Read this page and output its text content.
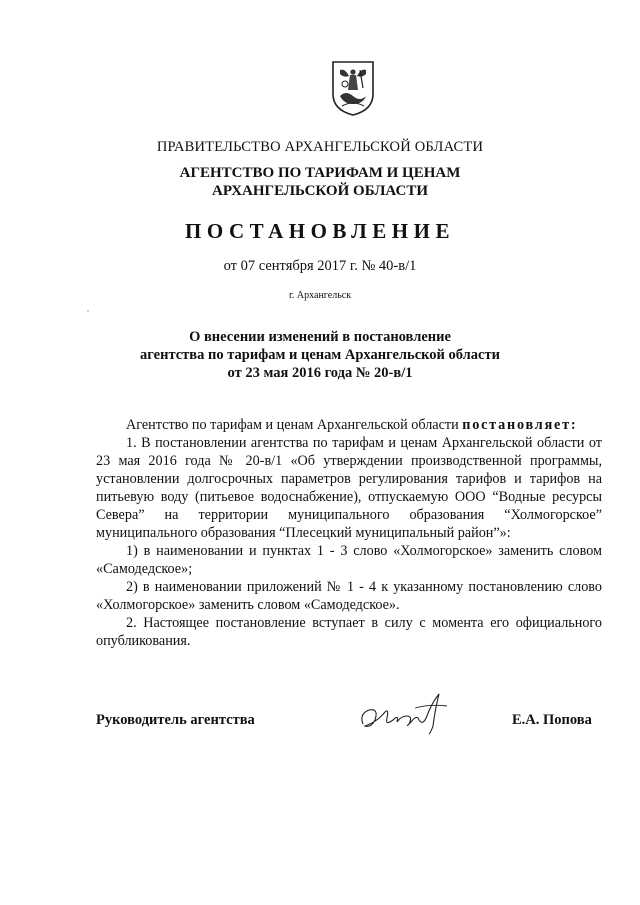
ПРАВИТЕЛЬСТВО АРХАНГЕЛЬСКОЙ ОБЛАСТИ
АГЕНТСТВО ПО ТАРИФАМ И ЦЕНАМ
АРХАНГЕЛЬСКОЙ ОБЛАСТИ
ПОСТАНОВЛЕНИЕ
от 07 сентября 2017 г. № 40-в/1
г. Архангельск
О внесении изменений в постановление
агентства по тарифам и ценам Архангельской области
от 23 мая 2016 года № 20-в/1

Агентство по тарифам и ценам Архангельской области постановляет:

1. В постановлении агентства по тарифам и ценам Архангельской области от 23 мая 2016 года № 20-в/1 «Об утверждении производственной программы, установлении долгосрочных параметров регулирования тарифов и тарифов на питьевую воду (питьевое водоснабжение), отпускаемую ООО “Водные ресурсы Севера” на территории муниципального образования “Холмогорское” муниципального образования “Плесецкий муниципальный район”»:

1) в наименовании и пунктах 1 - 3 слово «Холмогорское» заменить словом «Самодедское»;

2) в наименовании приложений № 1 - 4 к указанному постановлению слово «Холмогорское» заменить словом «Самодедское».

2. Настоящее постановление вступает в силу с момента его официального опубликования.

Руководитель агентства	Е.А. Попова
